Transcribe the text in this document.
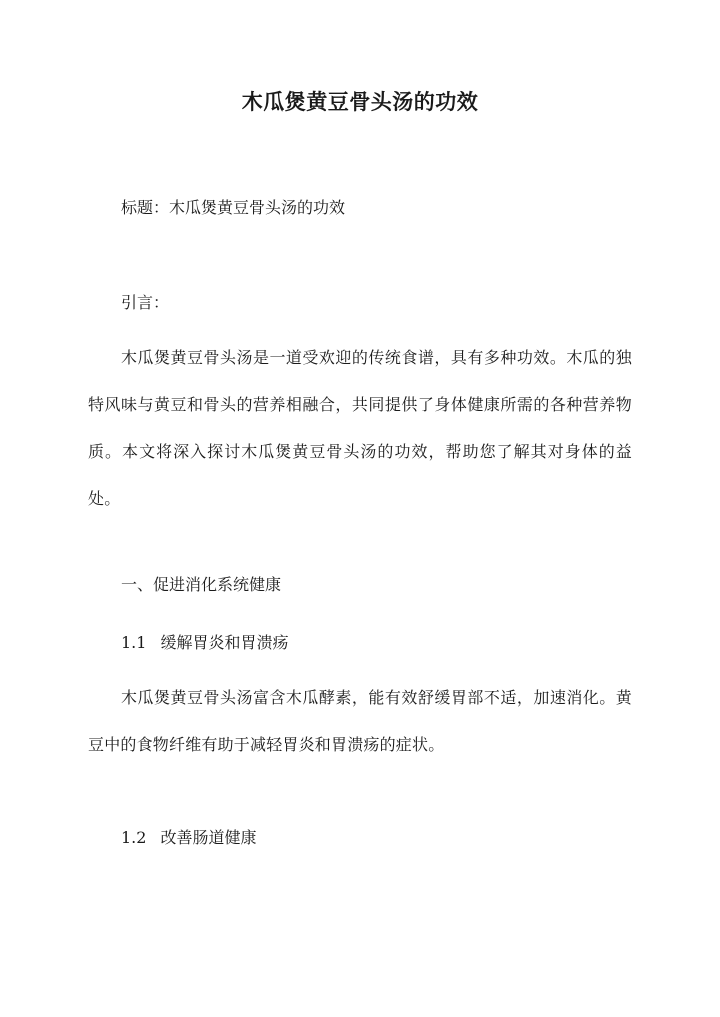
木瓜煲黄豆骨头汤的功效

标题：木瓜煲黄豆骨头汤的功效

引言：

木瓜煲黄豆骨头汤是一道受欢迎的传统食谱，具有多种功效。木瓜的独特风味与黄豆和骨头的营养相融合，共同提供了身体健康所需的各种营养物质。本文将深入探讨木瓜煲黄豆骨头汤的功效，帮助您了解其对身体的益处。

一、促进消化系统健康

1.1 缓解胃炎和胃溃疡

木瓜煲黄豆骨头汤富含木瓜酵素，能有效舒缓胃部不适，加速消化。黄豆中的食物纤维有助于减轻胃炎和胃溃疡的症状。

1.2 改善肠道健康
